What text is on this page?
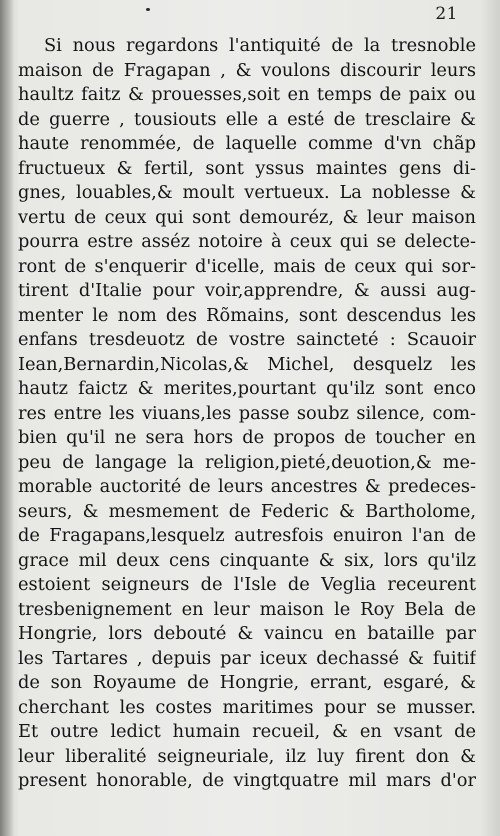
21
Si nous regardons l'antiquité de la tresnoble
maison de Fragapan , & voulons discourir leurs
haultz faitz & prouesses,soit en temps de paix ou
de guerre , tousiouts elle a esté de tresclaire &
haute renommée, de laquelle comme d'vn chãp
fructueux & fertil, sont yssus maintes gens di-
gnes, louables,& moult vertueux. La noblesse &
vertu de ceux qui sont demouréz, & leur maison
pourra estre asséz notoire à ceux qui se delecte-
ront de s'enquerir d'icelle, mais de ceux qui sor-
tirent d'Italie pour voir,apprendre, & aussi aug-
menter le nom des Rõmains, sont descendus les
enfans tresdeuotz de vostre saincteté : Scauoir
Iean,Bernardin,Nicolas,& Michel, desquelz les
hautz faictz & merites,pourtant qu'ilz sont enco
res entre les viuans,les passe soubz silence, com-
bien qu'il ne sera hors de propos de toucher en
peu de langage la religion,pieté,deuotion,& me-
morable auctorité de leurs ancestres & predeces-
seurs, & mesmement de Federic & Bartholome,
de Fragapans,lesquelz autresfois enuiron l'an de
grace mil deux cens cinquante & six, lors qu'ilz
estoient seigneurs de l'Isle de Veglia receurent
tresbenignement en leur maison le Roy Bela de
Hongrie, lors debouté & vaincu en bataille par
les Tartares , depuis par iceux dechassé & fuitif
de son Royaume de Hongrie, errant, esgaré, &
cherchant les costes maritimes pour se musser.
Et outre ledict humain recueil, & en vsant de
leur liberalité seigneuriale, ilz luy firent don &
present honorable, de vingtquatre mil mars d'or
